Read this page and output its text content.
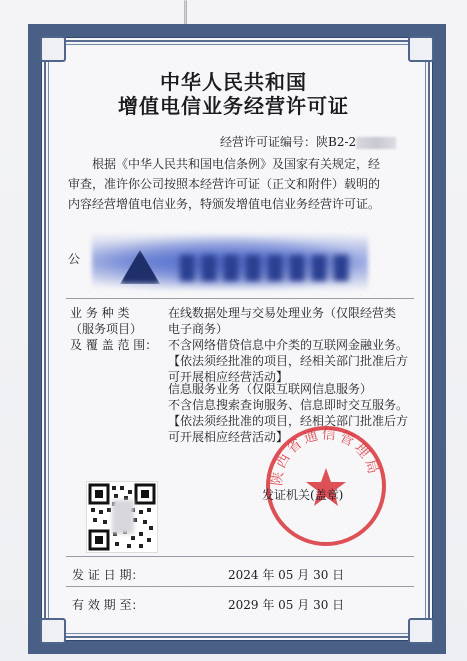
中华人民共和国
增值电信业务经营许可证
经营许可证编号：陕B2-2
根据《中华人民共和国电信条例》及国家有关规定，经
审查，准许你公司按照本经营许可证（正文和附件）载明的
内容经营增值电信业务，特颁发增值电信业务经营许可证。
公
业 务 种 类
（服务项目）
及 覆 盖 范 围：
在线数据处理与交易处理业务（仅限经营类
电子商务）
不含网络借贷信息中介类的互联网金融业务。
【依法须经批准的项目，经相关部门批准后方
可开展相应经营活动】
信息服务业务（仅限互联网信息服务）
不含信息搜索查询服务、信息即时交互服务。
【依法须经批准的项目，经相关部门批准后方
可开展相应经营活动】
陕西省通信管理局
发证机关(盖章)
发 证 日 期：	2024 年 05 月 30 日
有 效 期 至：	2029 年 05 月 30 日
